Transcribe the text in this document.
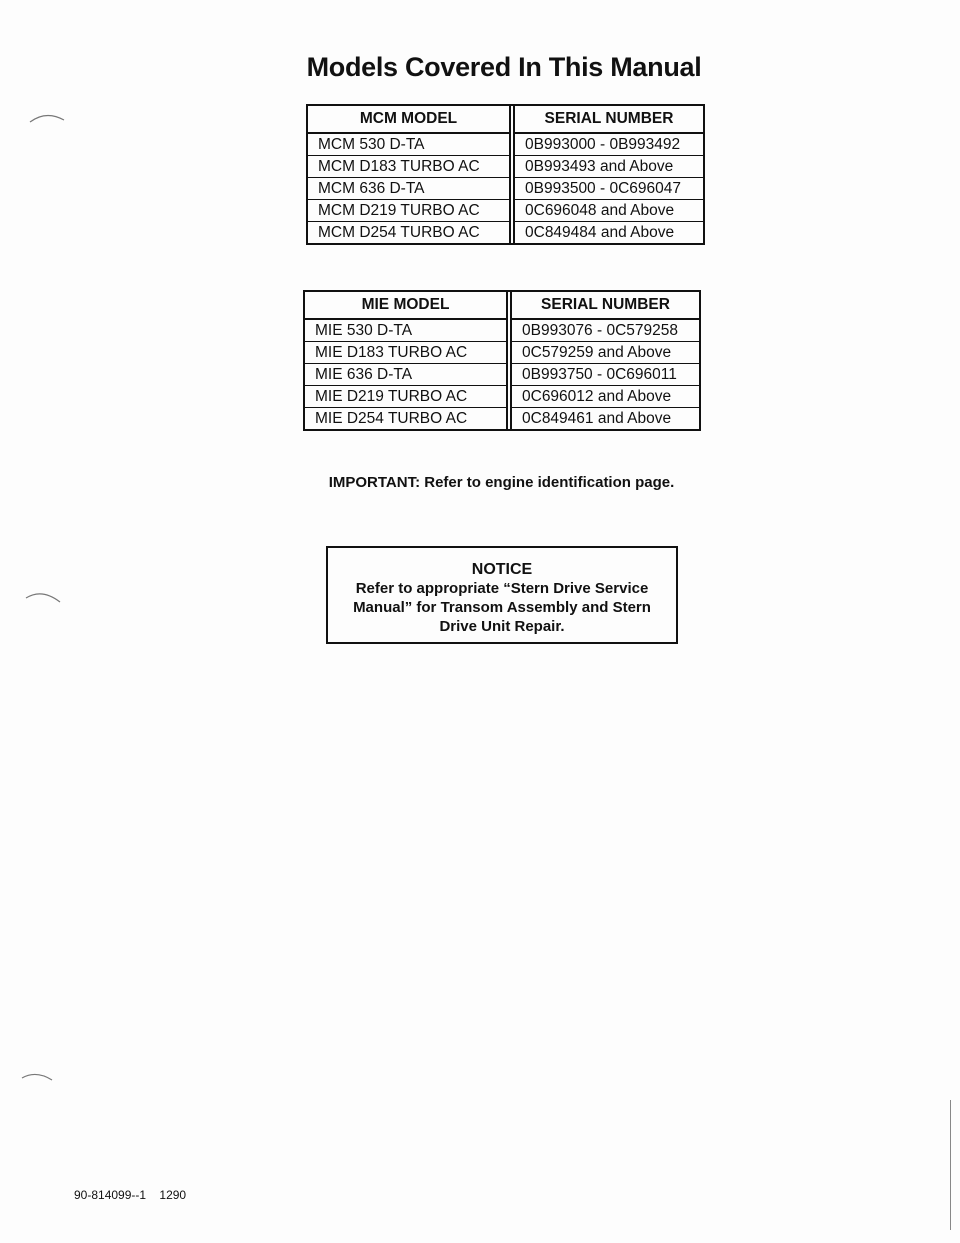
Models Covered In This Manual
MCM MODEL		SERIAL NUMBER
MCM 530 D-TA		0B993000 - 0B993492
MCM D183 TURBO AC		0B993493 and Above
MCM 636 D-TA		0B993500 - 0C696047
MCM D219 TURBO AC		0C696048 and Above
MCM D254 TURBO AC		0C849484 and Above
MIE MODEL		SERIAL NUMBER
MIE 530 D-TA		0B993076 - 0C579258
MIE D183 TURBO AC		0C579259 and Above
MIE 636 D-TA		0B993750 - 0C696011
MIE D219 TURBO AC		0C696012 and Above
MIE D254 TURBO AC		0C849461 and Above
IMPORTANT: Refer to engine identification page.
NOTICE
Refer to appropriate “Stern Drive Service Manual” for Transom Assembly and Stern Drive Unit Repair.
90-814099--1 1290
